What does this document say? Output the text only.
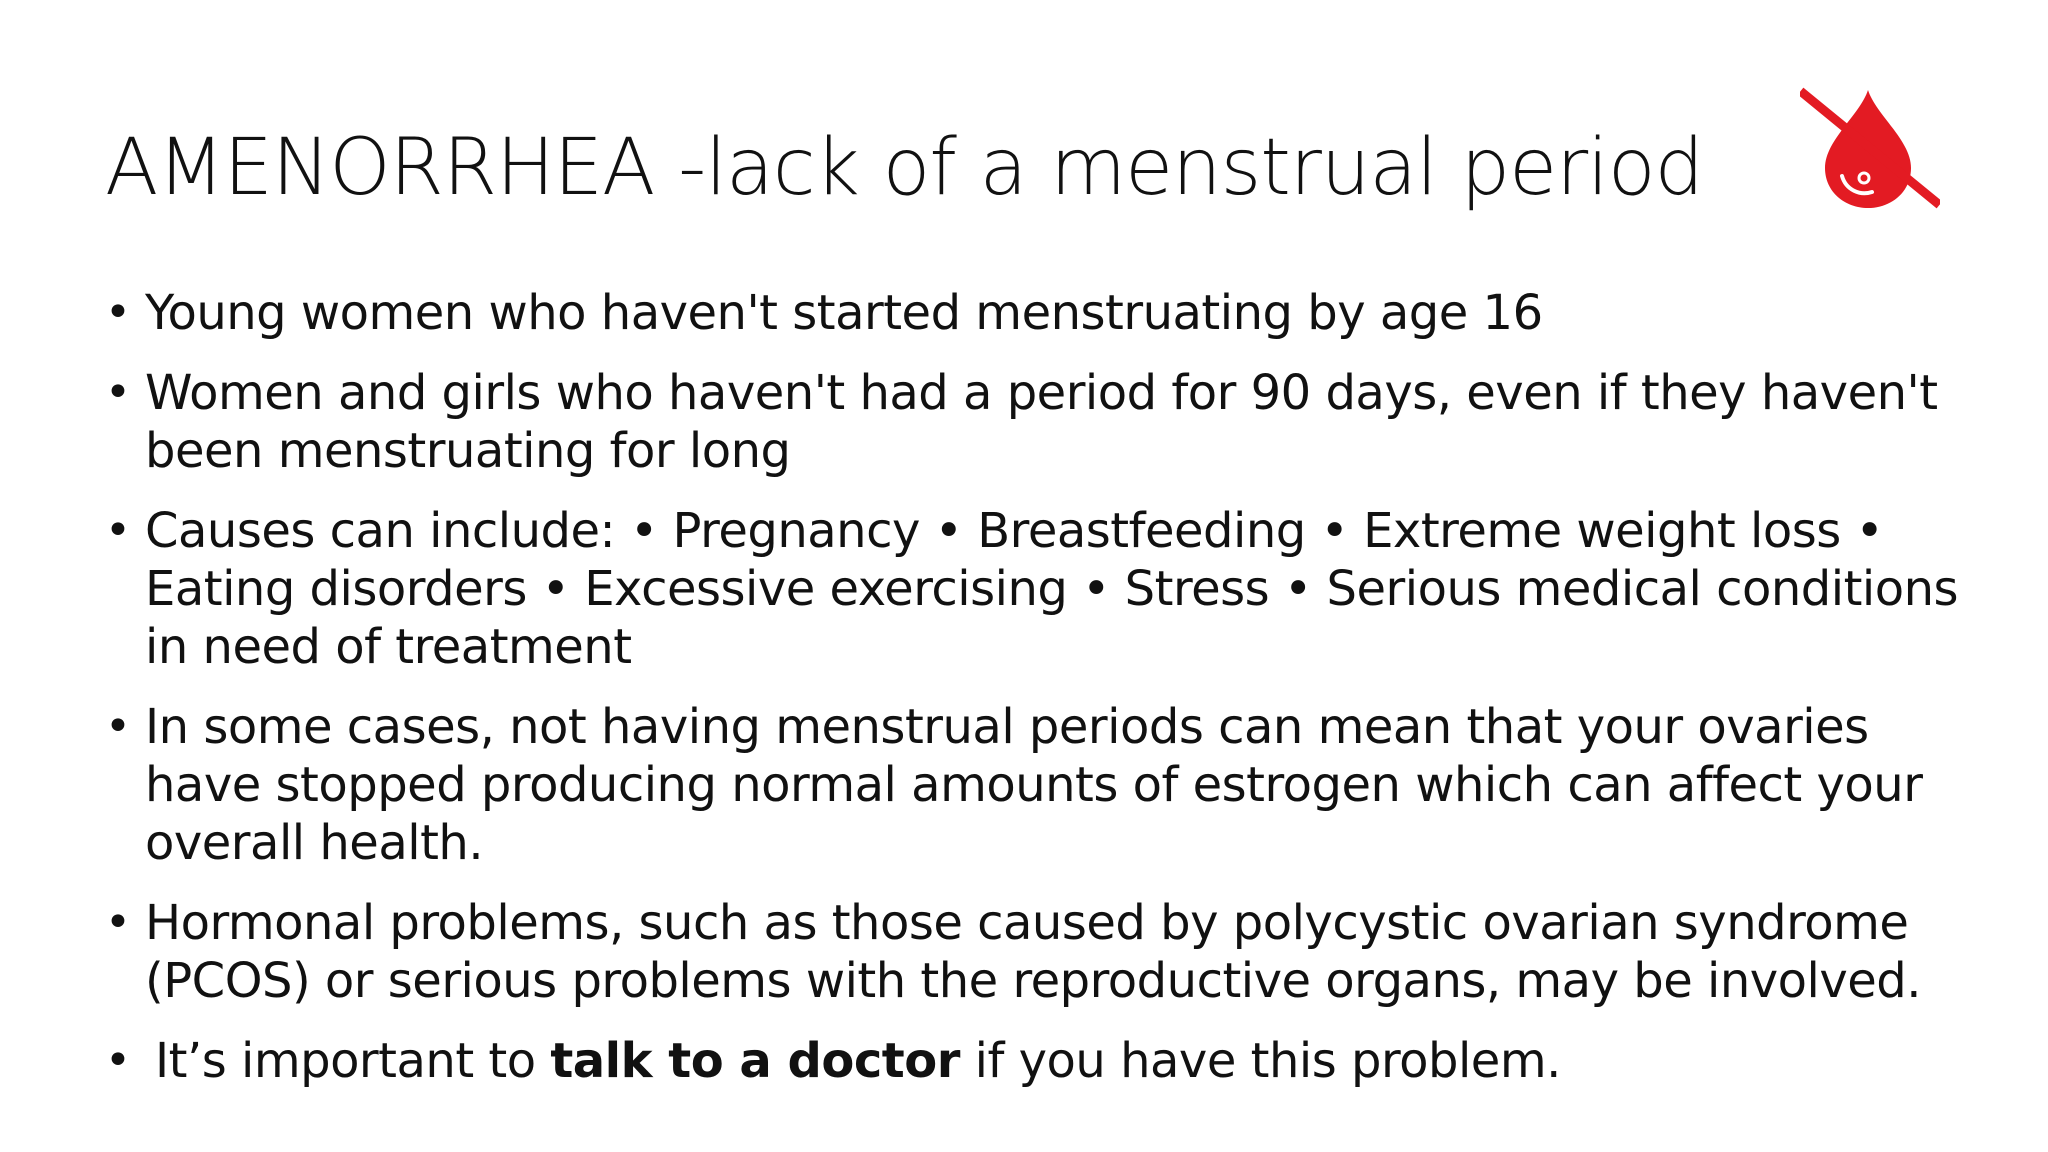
AMENORRHEA -lack of a menstrual period
• Young women who haven't started menstruating by age 16
• Women and girls who haven't had a period for 90 days, even if they haven't been menstruating for long
• Causes can include: • Pregnancy • Breastfeeding • Extreme weight loss • Eating disorders • Excessive exercising • Stress • Serious medical conditions in need of treatment
• In some cases, not having menstrual periods can mean that your ovaries have stopped producing normal amounts of estrogen which can affect your overall health.
• Hormonal problems, such as those caused by polycystic ovarian syndrome (PCOS) or serious problems with the reproductive organs, may be involved.
• It’s important to talk to a doctor if you have this problem.
